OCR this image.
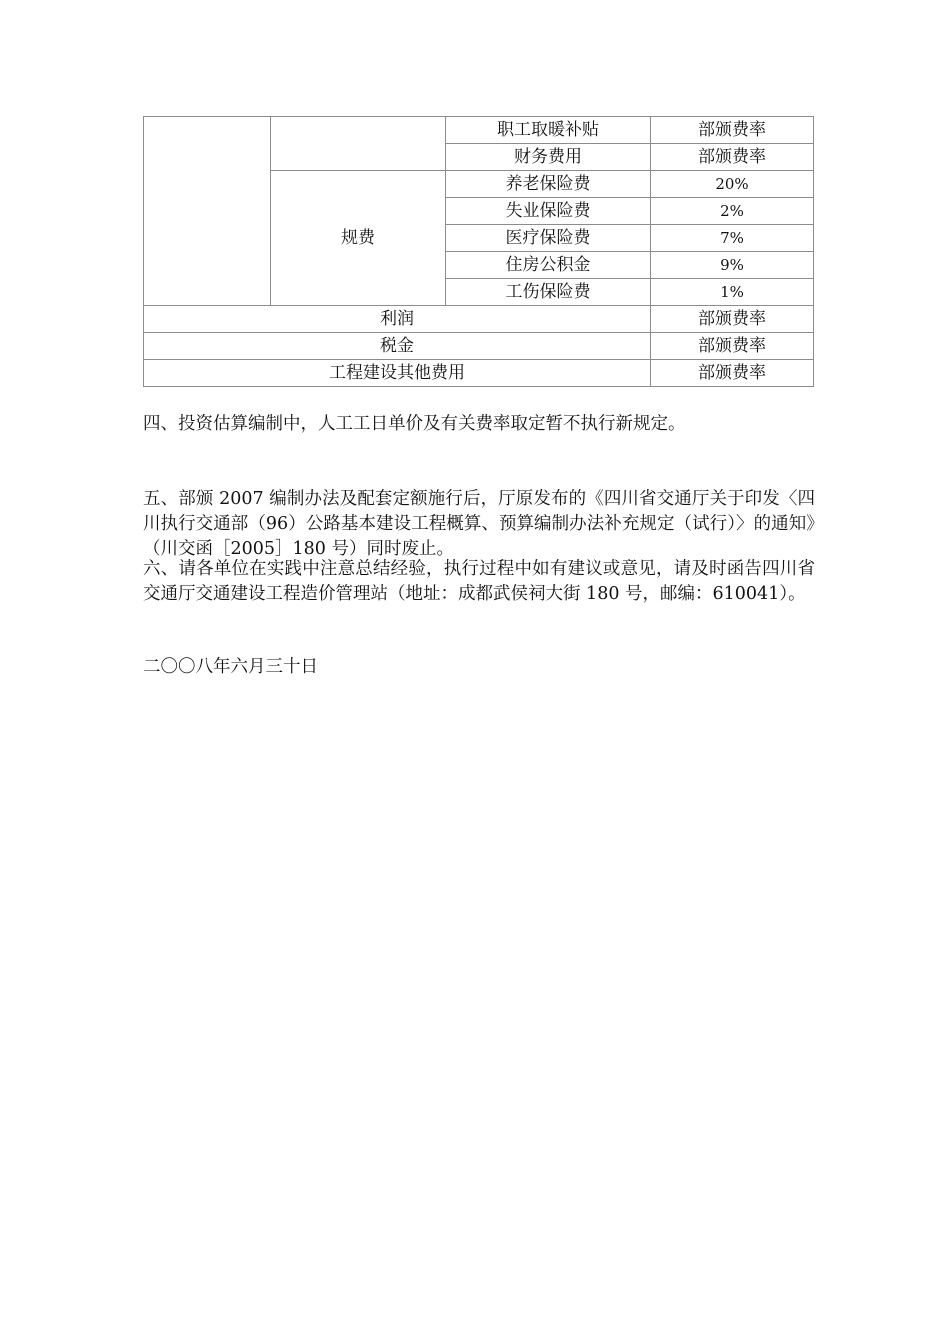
		职工取暖补贴	部颁费率
		财务费用	部颁费率
	规费	养老保险费	20%
		失业保险费	2%
		医疗保险费	7%
		住房公积金	9%
		工伤保险费	1%
利润			部颁费率
税金			部颁费率
工程建设其他费用			部颁费率

四、投资估算编制中，人工工日单价及有关费率取定暂不执行新规定。

五、部颁 2007 编制办法及配套定额施行后，厅原发布的《四川省交通厅关于印发〈四川执行交通部（96）公路基本建设工程概算、预算编制办法补充规定（试行）〉的通知》（川交函［2005］180 号）同时废止。

六、请各单位在实践中注意总结经验，执行过程中如有建议或意见，请及时函告四川省交通厅交通建设工程造价管理站（地址：成都武侯祠大街 180 号，邮编：610041）。

二〇〇八年六月三十日
